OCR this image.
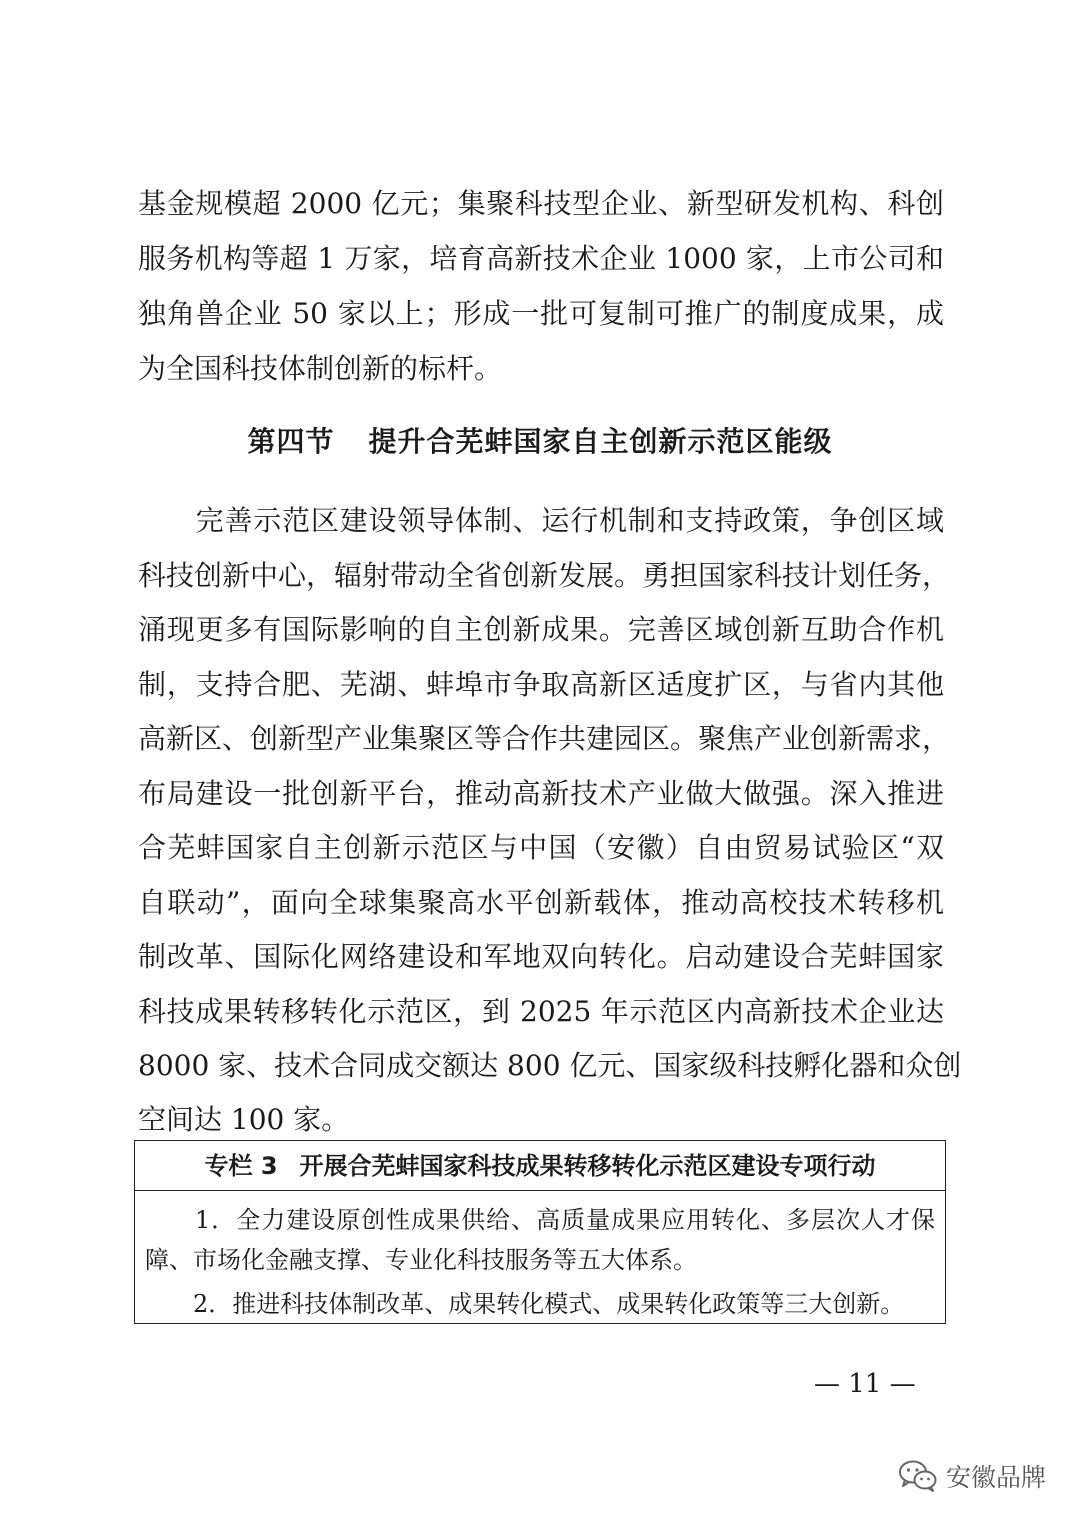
基金规模超 2000 亿元；集聚科技型企业、新型研发机构、科创
服务机构等超 1 万家，培育高新技术企业 1000 家，上市公司和
独角兽企业 50 家以上；形成一批可复制可推广的制度成果，成
为全国科技体制创新的标杆。
第四节 提升合芜蚌国家自主创新示范区能级
　　完善示范区建设领导体制、运行机制和支持政策，争创区域
科技创新中心，辐射带动全省创新发展。勇担国家科技计划任务，
涌现更多有国际影响的自主创新成果。完善区域创新互助合作机
制，支持合肥、芜湖、蚌埠市争取高新区适度扩区，与省内其他
高新区、创新型产业集聚区等合作共建园区。聚焦产业创新需求，
布局建设一批创新平台，推动高新技术产业做大做强。深入推进
合芜蚌国家自主创新示范区与中国（安徽）自由贸易试验区“双
自联动”，面向全球集聚高水平创新载体，推动高校技术转移机
制改革、国际化网络建设和军地双向转化。启动建设合芜蚌国家
科技成果转移转化示范区，到 2025 年示范区内高新技术企业达
8000 家、技术合同成交额达 800 亿元、国家级科技孵化器和众创
空间达 100 家。
专栏 3 开展合芜蚌国家科技成果转移转化示范区建设专项行动
　　1．全力建设原创性成果供给、高质量成果应用转化、多层次人才保
障、市场化金融支撑、专业化科技服务等五大体系。
　　2．推进科技体制改革、成果转化模式、成果转化政策等三大创新。
— 11 —
安徽品牌
